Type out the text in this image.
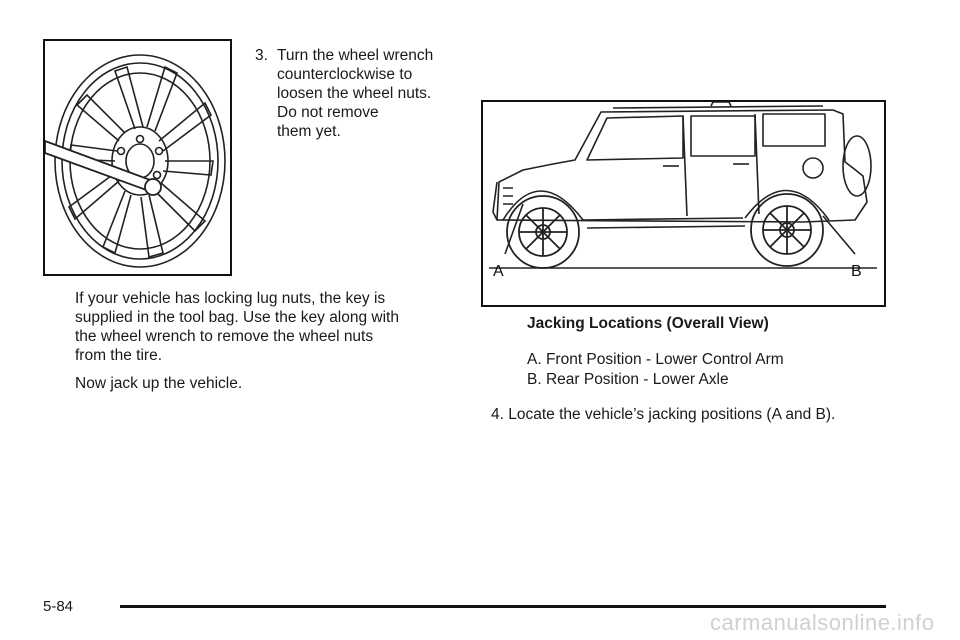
3. Turn the wheel wrench
counterclockwise to
loosen the wheel nuts.
Do not remove
them yet.
If your vehicle has locking lug nuts, the key is
supplied in the tool bag. Use the key along with
the wheel wrench to remove the wheel nuts
from the tire.
Now jack up the vehicle.
A	B
Jacking Locations (Overall View)
A. Front Position - Lower Control Arm
B. Rear Position - Lower Axle
4. Locate the vehicle’s jacking positions (A and B).
5-84
carmanualsonline.info
